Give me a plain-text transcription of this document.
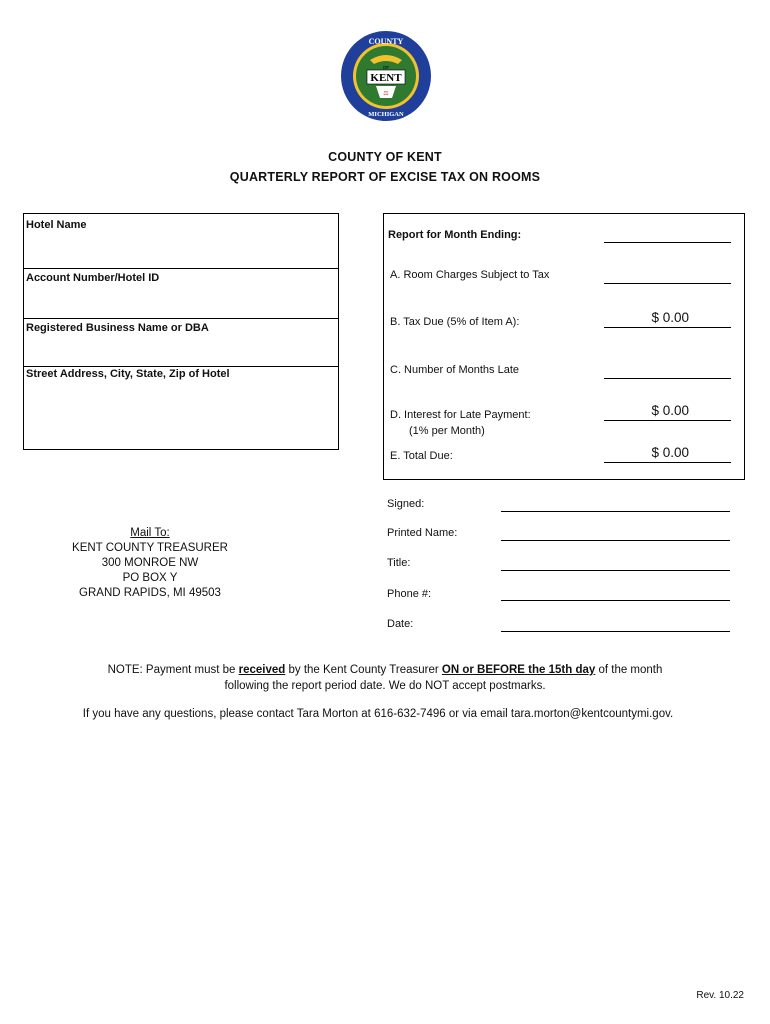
COUNTY
MICHIGAN
OF
KENT
⚖
COUNTY OF KENT
QUARTERLY REPORT OF EXCISE TAX ON ROOMS
Hotel Name
Account Number/Hotel ID
Registered Business Name or DBA
Street Address, City, State, Zip of Hotel
Report for Month Ending:
A. Room Charges Subject to Tax
B. Tax Due (5% of Item A):	$ 0.00
C. Number of Months Late
D. Interest for Late Payment:
(1% per Month)
$ 0.00
E. Total Due:	$ 0.00
Mail To:
KENT COUNTY TREASURER
300 MONROE NW
PO BOX Y
GRAND RAPIDS, MI 49503
Signed:
Printed Name:
Title:
Phone #:
Date:
NOTE: Payment must be received by the Kent County Treasurer ON or BEFORE the 15th day of the month
following the report period date. We do NOT accept postmarks.
If you have any questions, please contact Tara Morton at 616-632-7496 or via email tara.morton@kentcountymi.gov.
Rev. 10.22
